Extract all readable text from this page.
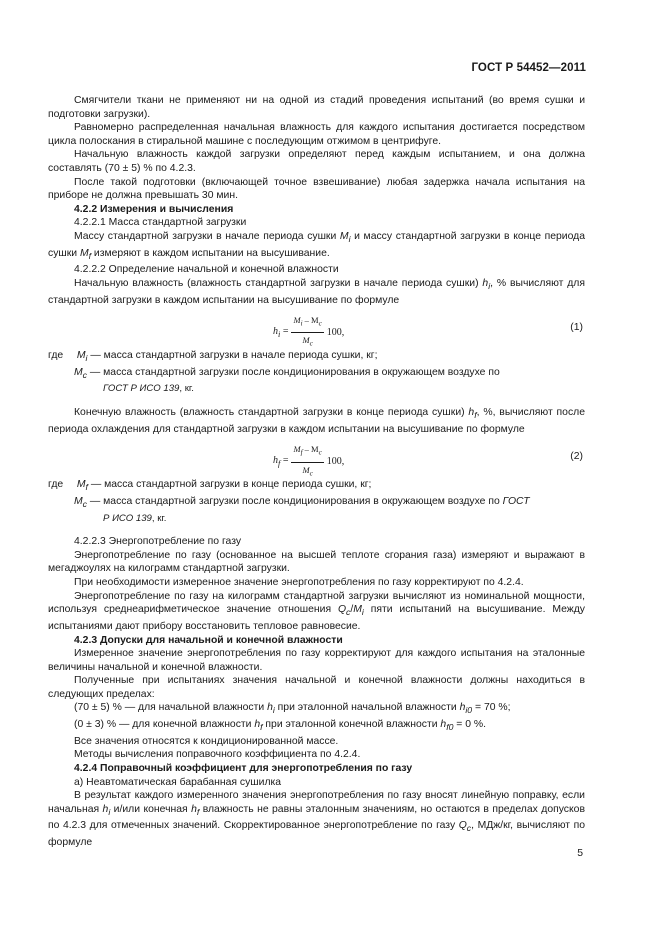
ГОСТ Р 54452—2011

Смягчители ткани не применяют ни на одной из стадий проведения испытаний (во время сушки и подготовки загрузки).

Равномерно распределенная начальная влажность для каждого испытания достигается посредством цикла полоскания в стиральной машине с последующим отжимом в центрифуге.

Начальную влажность каждой загрузки определяют перед каждым испытанием, и она должна составлять (70 ± 5) % по 4.2.3.

После такой подготовки (включающей точное взвешивание) любая задержка начала испытания на приборе не должна превышать 30 мин.

4.2.2 Измерения и вычисления

4.2.2.1 Масса стандартной загрузки

Массу стандартной загрузки в начале периода сушки $M_i$ и массу стандартной загрузки в конце периода сушки $M_f$ измеряют в каждом испытании на высушивание.

4.2.2.2 Определение начальной и конечной влажности

Начальную влажность (влажность стандартной загрузки в начале периода сушки) $h_i$, % вычисляют для стандартной загрузки в каждом испытании на высушивание по формуле

$h_i = \frac{M_i - M_c}{M_c} 100$,	(1)

где $M_i$ — масса стандартной загрузки в начале периода сушки, кг;

$M_c$ — масса стандартной загрузки после кондиционирования в окружающем воздухе по

ГОСТ Р ИСО 139, кг.

Конечную влажность (влажность стандартной загрузки в конце периода сушки) $h_f$, %, вычисляют после периода охлаждения для стандартной загрузки в каждом испытании на высушивание по формуле

$h_f = \frac{M_f - M_c}{M_c} 100$,	(2)

где $M_f$ — масса стандартной загрузки в конце периода сушки, кг;

$M_c$ — масса стандартной загрузки после кондиционирования в окружающем воздухе по ГОСТ

Р ИСО 139, кг.

4.2.2.3 Энергопотребление по газу

Энергопотребление по газу (основанное на высшей теплоте сгорания газа) измеряют и выражают в мегаджоулях на килограмм стандартной загрузки.

При необходимости измеренное значение энергопотребления по газу корректируют по 4.2.4.

Энергопотребление по газу на килограмм стандартной загрузки вычисляют из номинальной мощности, используя среднеарифметическое значение отношения $Q_c/M_i$ пяти испытаний на высушивание. Между испытаниями дают прибору восстановить тепловое равновесие.

4.2.3 Допуски для начальной и конечной влажности

Измеренное значение энергопотребления по газу корректируют для каждого испытания на эталонные величины начальной и конечной влажности.

Полученные при испытаниях значения начальной и конечной влажности должны находиться в следующих пределах:

(70 ± 5) % — для начальной влажности $h_i$ при эталонной начальной влажности $h_{i0} = 70$ %;

(0 ± 3) % — для конечной влажности $h_f$ при эталонной конечной влажности $h_{f0} = 0$ %.

Все значения относятся к кондиционированной массе.

Методы вычисления поправочного коэффициента по 4.2.4.

4.2.4 Поправочный коэффициент для энергопотребления по газу

а) Неавтоматическая барабанная сушилка

В результат каждого измеренного значения энергопотребления по газу вносят линейную поправку, если начальная $h_i$ и/или конечная $h_f$ влажность не равны эталонным значениям, но остаются в пределах допусков по 4.2.3 для отмеченных значений. Скорректированное энергопотребление по газу $Q_c$, МДж/кг, вычисляют по формуле

5
